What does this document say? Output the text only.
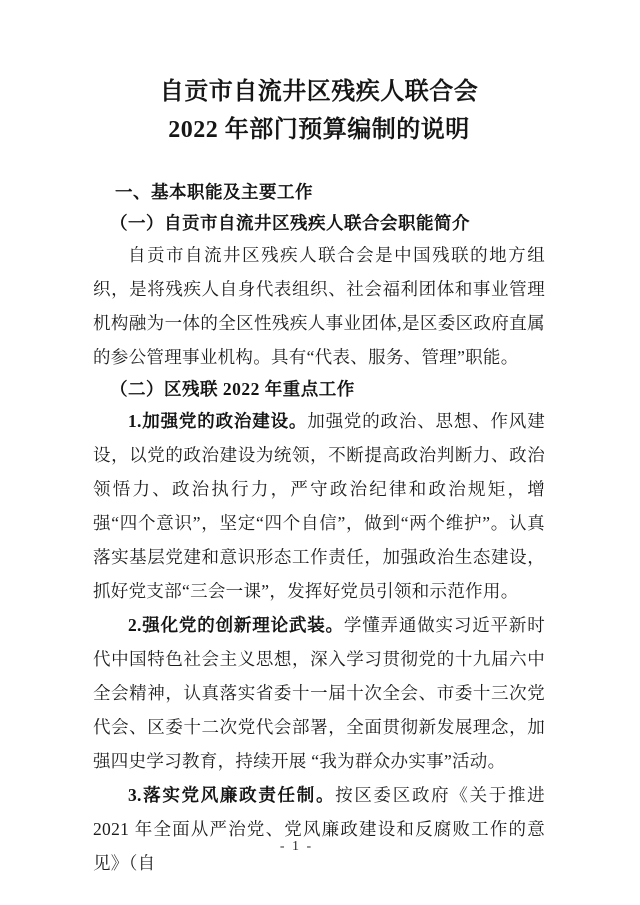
自贡市自流井区残疾人联合会
2022 年部门预算编制的说明
一、基本职能及主要工作
（一）自贡市自流井区残疾人联合会职能简介

自贡市自流井区残疾人联合会是中国残联的地方组织，是将残疾人自身代表组织、社会福利团体和事业管理机构融为一体的全区性残疾人事业团体,是区委区政府直属的参公管理事业机构。具有“代表、服务、管理”职能。

（二）区残联 2022 年重点工作

1.加强党的政治建设。加强党的政治、思想、作风建设，以党的政治建设为统领，不断提高政治判断力、政治领悟力、政治执行力，严守政治纪律和政治规矩，增强“四个意识”，坚定“四个自信”，做到“两个维护”。认真落实基层党建和意识形态工作责任，加强政治生态建设，抓好党支部“三会一课”，发挥好党员引领和示范作用。

2.强化党的创新理论武装。学懂弄通做实习近平新时代中国特色社会主义思想，深入学习贯彻党的十九届六中全会精神，认真落实省委十一届十次全会、市委十三次党代会、区委十二次党代会部署，全面贯彻新发展理念，加强四史学习教育，持续开展 “我为群众办实事”活动。

3.落实党风廉政责任制。按区委区政府《关于推进 2021 年全面从严治党、党风廉政建设和反腐败工作的意见》（自

- 1 -
